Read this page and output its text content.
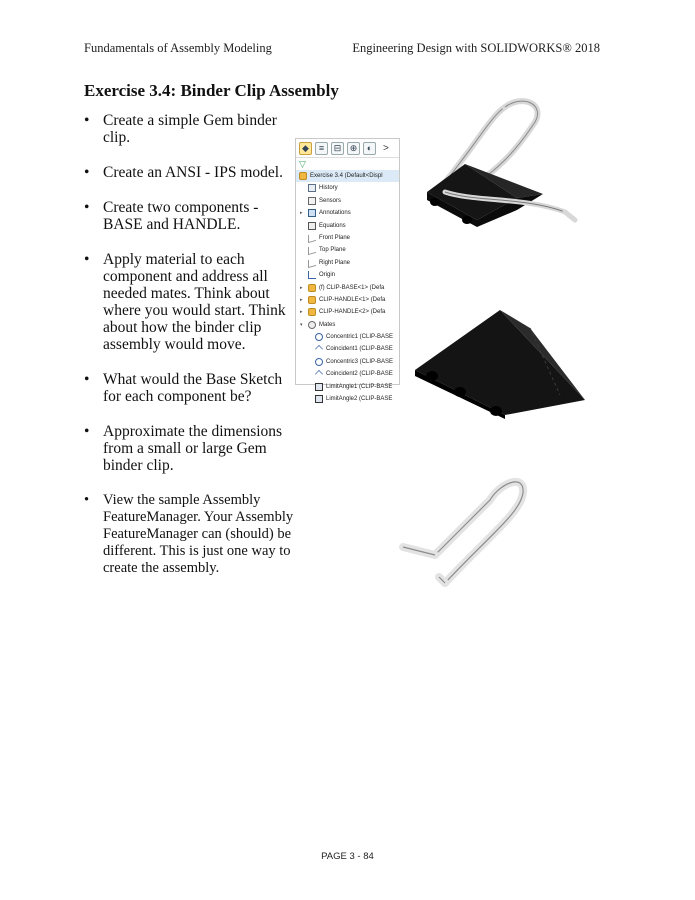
Fundamentals of Assembly Modeling	Engineering Design with SOLIDWORKS® 2018
Exercise 3.4: Binder Clip Assembly
• Create a simple Gem binder clip.
• Create an ANSI - IPS model.
• Create two components - BASE and HANDLE.
• Apply material to each component and address all needed mates. Think about where you would start. Think about how the binder clip assembly would move.
• What would the Base Sketch for each component be?
• Approximate the dimensions from a small or large Gem binder clip.
• View the sample Assembly FeatureManager. Your Assembly FeatureManager can (should) be different. This is just one way to create the assembly.
◆	≡	⊟ ⊕	◐	>
▽
Exercise 3.4 (Default<Displ
History
Sensors
▸	Annotations
Equations
Front Plane
Top Plane
Right Plane
Origin
▸	(f) CLIP-BASE<1> (Defa
▸	CLIP-HANDLE<1> (Defa
▸	CLIP-HANDLE<2> (Defa
▾	Mates
Concentric1 (CLIP-BASE
Coincident1 (CLIP-BASE
Concentric3 (CLIP-BASE
Coincident2 (CLIP-BASE
LimitAngle1 (CLIP-BASE
LimitAngle2 (CLIP-BASE
PAGE 3 - 84
